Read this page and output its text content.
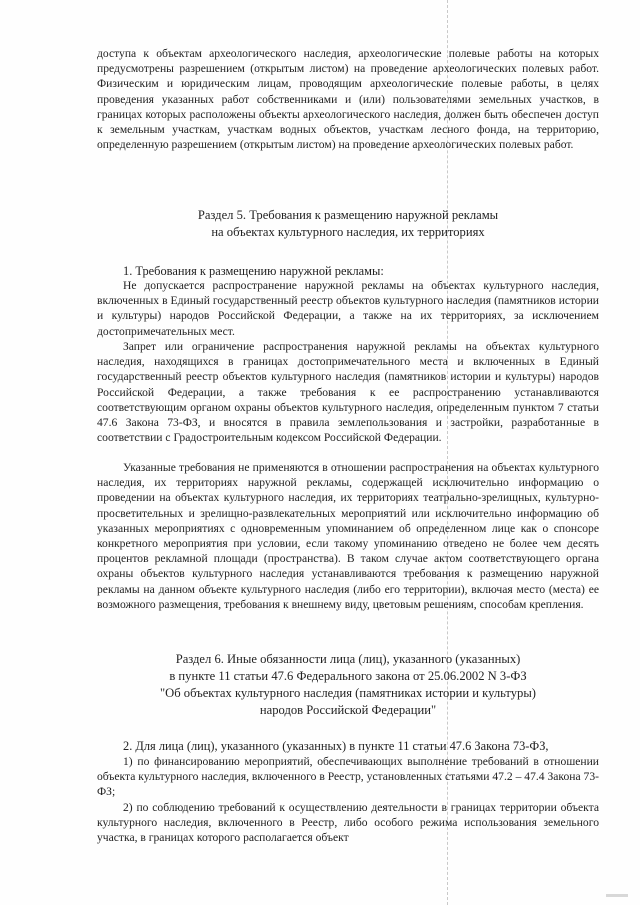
доступа к объектам археологического наследия, археологические полевые работы на которых предусмотрены разрешением (открытым листом) на проведение археологических полевых работ. Физическим и юридическим лицам, проводящим археологические полевые работы, в целях проведения указанных работ собственниками и (или) пользователями земельных участков, в границах которых расположены объекты археологического наследия, должен быть обеспечен доступ к земельным участкам, участкам водных объектов, участкам лесного фонда, на территорию, определенную разрешением (открытым листом) на проведение археологических полевых работ.
Раздел 5. Требования к размещению наружной рекламы
на объектах культурного наследия, их территориях
1. Требования к размещению наружной рекламы:
Не допускается распространение наружной рекламы на объектах культурного наследия, включенных в Единый государственный реестр объектов культурного наследия (памятников истории и культуры) народов Российской Федерации, а также на их территориях, за исключением достопримечательных мест.
Запрет или ограничение распространения наружной рекламы на объектах культурного наследия, находящихся в границах достопримечательного места и включенных в Единый государственный реестр объектов культурного наследия (памятников истории и культуры) народов Российской Федерации, а также требования к ее распространению устанавливаются соответствующим органом охраны объектов культурного наследия, определенным пунктом 7 статьи 47.6 Закона 73-ФЗ, и вносятся в правила землепользования и застройки, разработанные в соответствии с Градостроительным кодексом Российской Федерации.
Указанные требования не применяются в отношении распространения на объектах культурного наследия, их территориях наружной рекламы, содержащей исключительно информацию о проведении на объектах культурного наследия, их территориях театрально-зрелищных, культурно-просветительных и зрелищно-развлекательных мероприятий или исключительно информацию об указанных мероприятиях с одновременным упоминанием об определенном лице как о спонсоре конкретного мероприятия при условии, если такому упоминанию отведено не более чем десять процентов рекламной площади (пространства). В таком случае актом соответствующего органа охраны объектов культурного наследия устанавливаются требования к размещению наружной рекламы на данном объекте культурного наследия (либо его территории), включая место (места) ее возможного размещения, требования к внешнему виду, цветовым решениям, способам крепления.
Раздел 6. Иные обязанности лица (лиц), указанного (указанных)
в пункте 11 статьи 47.6 Федерального закона от 25.06.2002 N 3-ФЗ
"Об объектах культурного наследия (памятниках истории и культуры)
народов Российской Федерации"
2. Для лица (лиц), указанного (указанных) в пункте 11 статьи 47.6 Закона 73-ФЗ,
1) по финансированию мероприятий, обеспечивающих выполнение требований в отношении объекта культурного наследия, включенного в Реестр, установленных статьями 47.2 – 47.4 Закона 73-ФЗ;
2) по соблюдению требований к осуществлению деятельности в границах территории объекта культурного наследия, включенного в Реестр, либо особого режима использования земельного участка, в границах которого располагается объект
